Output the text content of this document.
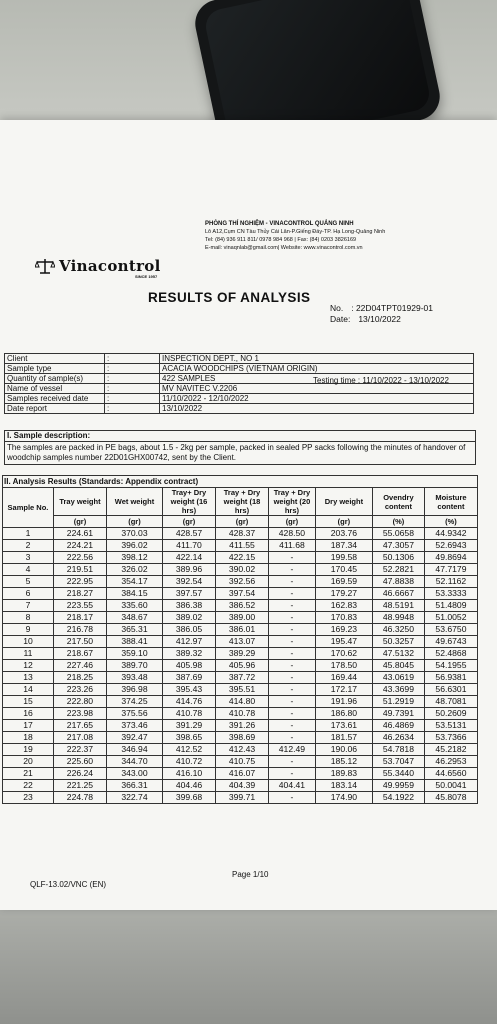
PHÒNG THÍ NGHIỆM - VINACONTROL QUẢNG NINH
Lô A12,Cụm CN Tàu Thủy Cái Lân-P.Giếng Đáy-TP. Hạ Long-Quảng Ninh
Tel: (84) 936 911 811/ 0978 984 968 | Fax: (84) 0203 3826169
E-mail: vinaqnlab@gmail.com| Website: www.vinacontrol.com.vn
Vinacontrol
SINCE 1957
RESULTS OF ANALYSIS
No. : 22D04TPT01929-01
Date: 13/10/2022
Client	:	INSPECTION DEPT., NO 1
Sample type	:	ACACIA WOODCHIPS (VIETNAM ORIGIN)
Quantity of sample(s)	:	422 SAMPLES
Name of vessel	:	MV NAVITEC V.2206
Samples received date	:	11/10/2022 - 12/10/2022
Date report	:	13/10/2022
Testing time : 11/10/2022 - 13/10/2022
I. Sample description:
The samples are packed in PE bags, about 1.5 - 2kg per sample, packed in sealed PP sacks following the minutes of handover of woodchip samples number 22D01GHX00742, sent by the Client.
II. Analysis Results (Standards: Appendix contract)								
Sample No.	Tray weight	Wet weight	Tray+ Dry weight (16 hrs)	Tray + Dry weight (18 hrs)	Tray + Dry weight (20 hrs)	Dry weight	Ovendry content	Moisture content
	(gr)	(gr)	(gr)	(gr)	(gr)	(gr)	(%)	(%)
1	224.61	370.03	428.57	428.37	428.50	203.76	55.0658	44.9342
2	224.21	396.02	411.70	411.55	411.68	187.34	47.3057	52.6943
3	222.56	398.12	422.14	422.15	-	199.58	50.1306	49.8694
4	219.51	326.02	389.96	390.02	-	170.45	52.2821	47.7179
5	222.95	354.17	392.54	392.56	-	169.59	47.8838	52.1162
6	218.27	384.15	397.57	397.54	-	179.27	46.6667	53.3333
7	223.55	335.60	386.38	386.52	-	162.83	48.5191	51.4809
8	218.17	348.67	389.02	389.00	-	170.83	48.9948	51.0052
9	216.78	365.31	386.05	386.01	-	169.23	46.3250	53.6750
10	217.50	388.41	412.97	413.07	-	195.47	50.3257	49.6743
11	218.67	359.10	389.32	389.29	-	170.62	47.5132	52.4868
12	227.46	389.70	405.98	405.96	-	178.50	45.8045	54.1955
13	218.25	393.48	387.69	387.72	-	169.44	43.0619	56.9381
14	223.26	396.98	395.43	395.51	-	172.17	43.3699	56.6301
15	222.80	374.25	414.76	414.80	-	191.96	51.2919	48.7081
16	223.98	375.56	410.78	410.78	-	186.80	49.7391	50.2609
17	217.65	373.46	391.29	391.26	-	173.61	46.4869	53.5131
18	217.08	392.47	398.65	398.69	-	181.57	46.2634	53.7366
19	222.37	346.94	412.52	412.43	412.49	190.06	54.7818	45.2182
20	225.60	344.70	410.72	410.75	-	185.12	53.7047	46.2953
21	226.24	343.00	416.10	416.07	-	189.83	55.3440	44.6560
22	221.25	366.31	404.46	404.39	404.41	183.14	49.9959	50.0041
23	224.78	322.74	399.68	399.71	-	174.90	54.1922	45.8078
Page 1/10
QLF-13.02/VNC (EN)
